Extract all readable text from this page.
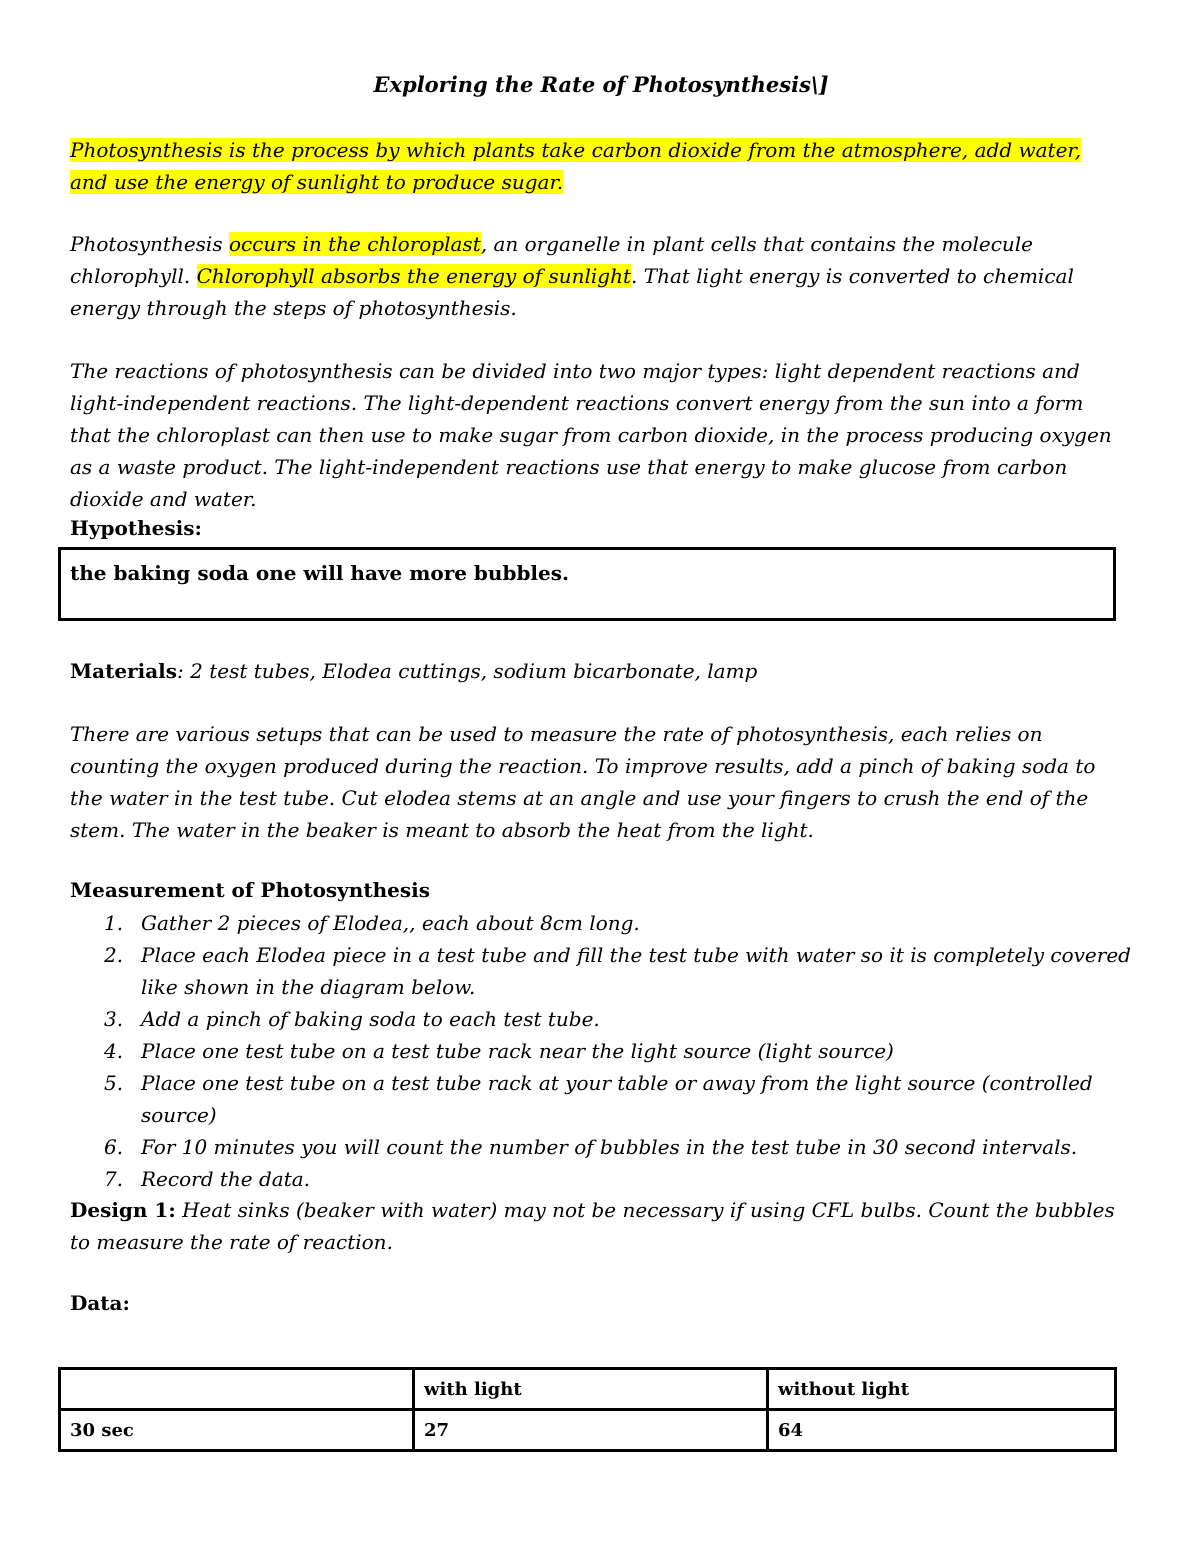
Exploring the Rate of Photosynthesis\]
Photosynthesis is the process by which plants take carbon dioxide from the atmosphere, add water, and use the energy of sunlight to produce sugar.
Photosynthesis occurs in the chloroplast, an organelle in plant cells that contains the molecule chlorophyll. Chlorophyll absorbs the energy of sunlight. That light energy is converted to chemical energy through the steps of photosynthesis.
The reactions of photosynthesis can be divided into two major types: light dependent reactions and light-independent reactions. The light-dependent reactions convert energy from the sun into a form that the chloroplast can then use to make sugar from carbon dioxide, in the process producing oxygen as a waste product. The light-independent reactions use that energy to make glucose from carbon dioxide and water.
Hypothesis:
the baking soda one will have more bubbles.
Materials: 2 test tubes, Elodea cuttings, sodium bicarbonate, lamp
There are various setups that can be used to measure the rate of photosynthesis, each relies on counting the oxygen produced during the reaction. To improve results, add a pinch of baking soda to the water in the test tube. Cut elodea stems at an angle and use your fingers to crush the end of the stem. The water in the beaker is meant to absorb the heat from the light.
Measurement of Photosynthesis
1. Gather 2 pieces of Elodea,, each about 8cm long.
2. Place each Elodea piece in a test tube and fill the test tube with water so it is completely covered like shown in the diagram below.
3. Add a pinch of baking soda to each test tube.
4. Place one test tube on a test tube rack near the light source (light source)
5. Place one test tube on a test tube rack at your table or away from the light source (controlled source)
6. For 10 minutes you will count the number of bubbles in the test tube in 30 second intervals.
7. Record the data.
Design 1: Heat sinks (beaker with water) may not be necessary if using CFL bulbs. Count the bubbles to measure the rate of reaction.
Data:
	with light	without light
30 sec	27	64
